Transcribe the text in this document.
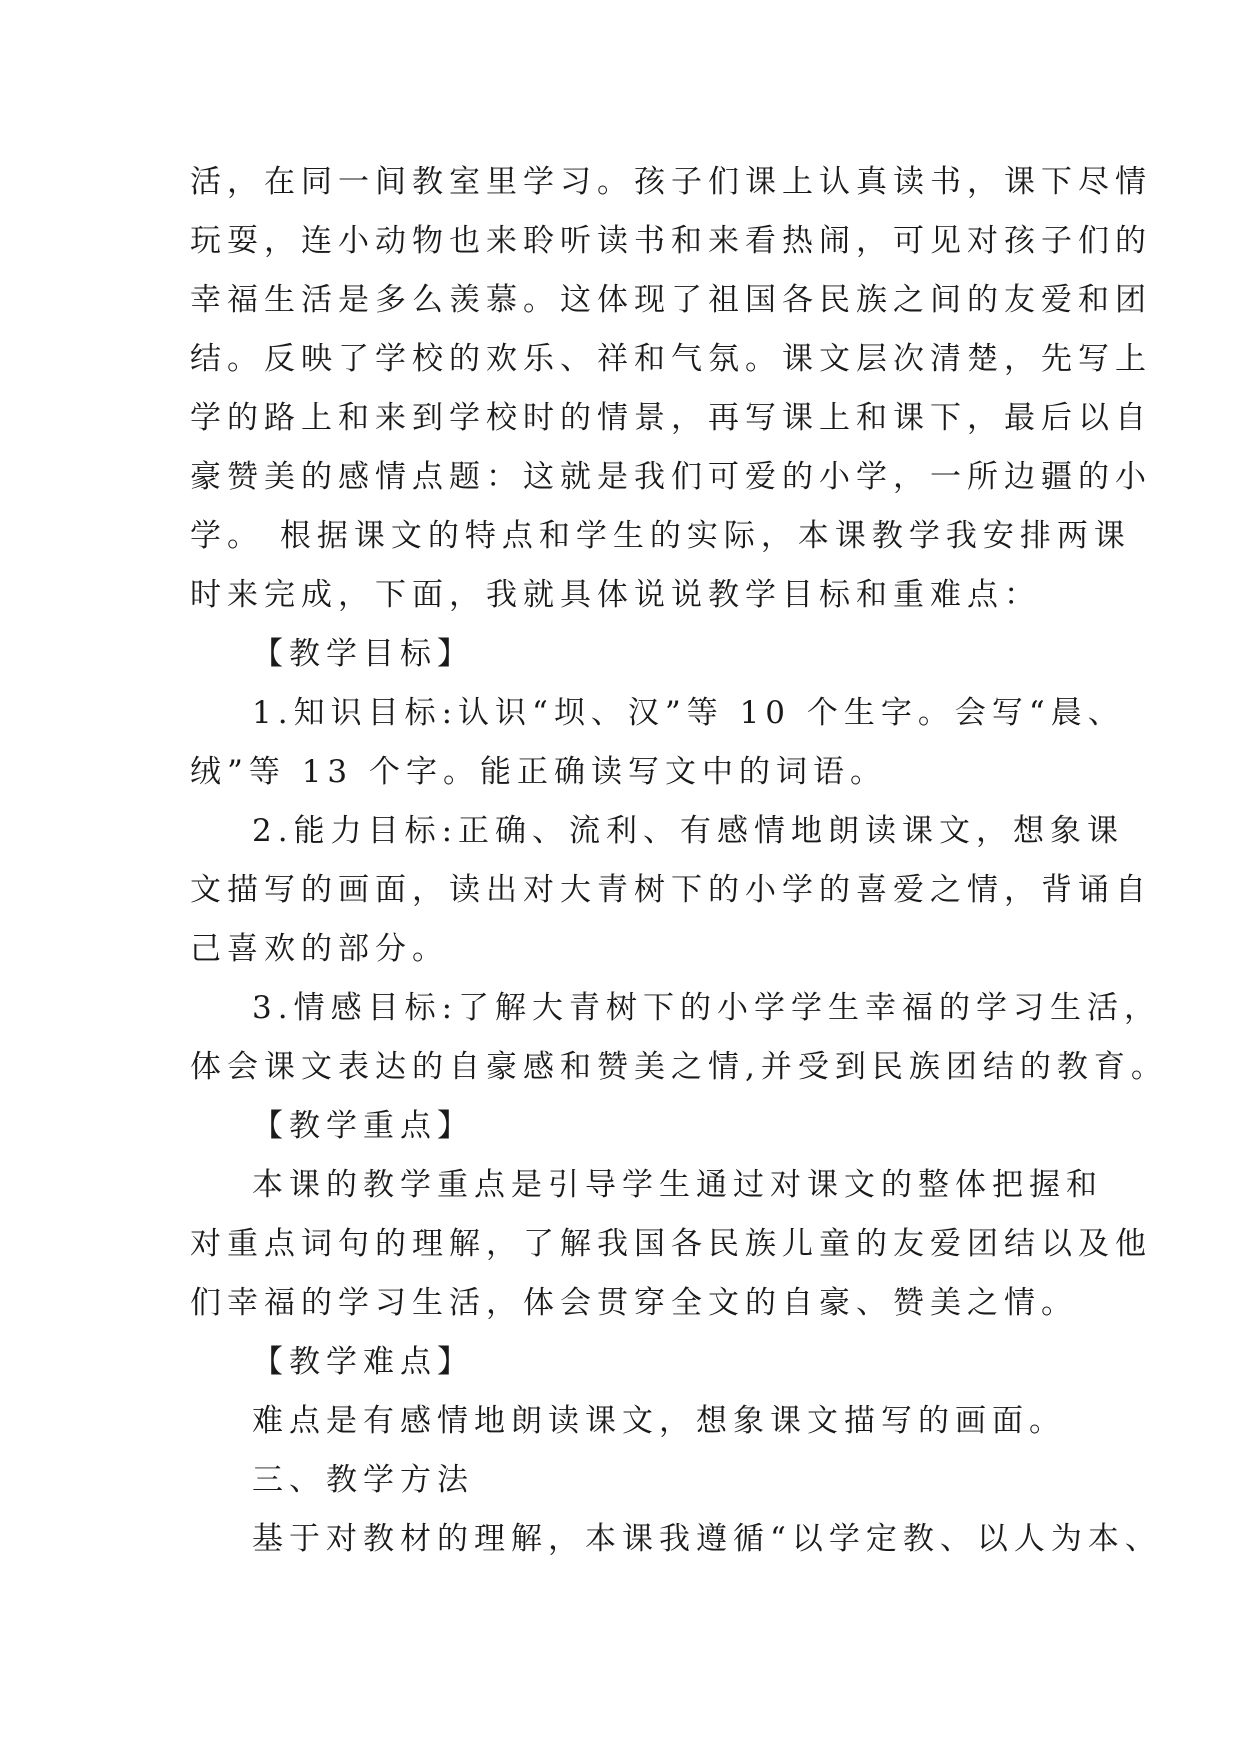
活，在同一间教室里学习。孩子们课上认真读书，课下尽情
玩耍，连小动物也来聆听读书和来看热闹，可见对孩子们的
幸福生活是多么羡慕。这体现了祖国各民族之间的友爱和团
结。反映了学校的欢乐、祥和气氛。课文层次清楚，先写上
学的路上和来到学校时的情景，再写课上和课下，最后以自
豪赞美的感情点题：这就是我们可爱的小学，一所边疆的小
学。 根据课文的特点和学生的实际，本课教学我安排两课
时来完成，下面，我就具体说说教学目标和重难点：
【教学目标】
1.知识目标:认识“坝、汉”等 10 个生字。会写“晨、
绒”等 13 个字。能正确读写文中的词语。
2.能力目标:正确、流利、有感情地朗读课文，想象课
文描写的画面，读出对大青树下的小学的喜爱之情，背诵自
己喜欢的部分。
3.情感目标:了解大青树下的小学学生幸福的学习生活，
体会课文表达的自豪感和赞美之情,并受到民族团结的教育。
【教学重点】
本课的教学重点是引导学生通过对课文的整体把握和
对重点词句的理解，了解我国各民族儿童的友爱团结以及他
们幸福的学习生活，体会贯穿全文的自豪、赞美之情。
【教学难点】
难点是有感情地朗读课文，想象课文描写的画面。
三、教学方法
基于对教材的理解，本课我遵循“以学定教、以人为本、
